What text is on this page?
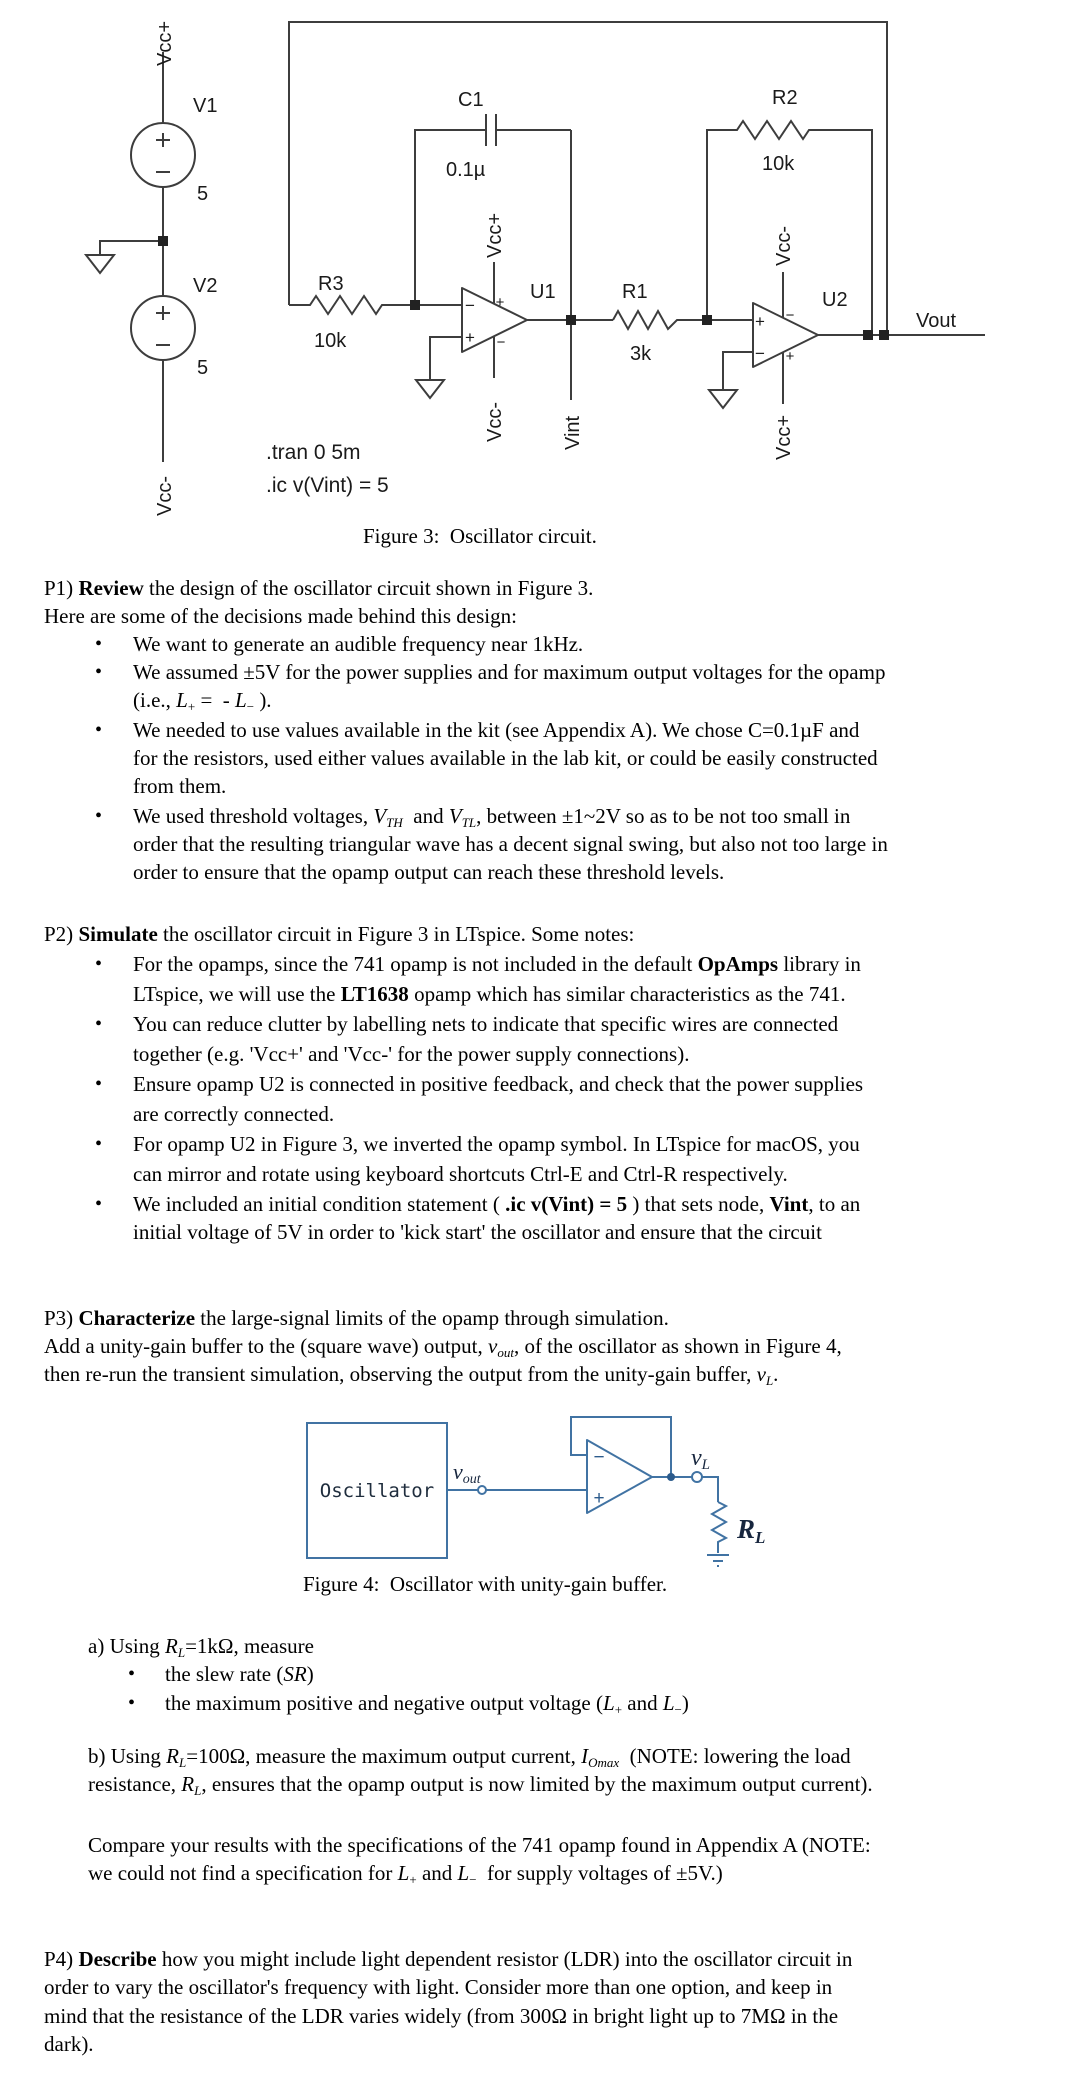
Vcc+
V1
5
V2
5
Vcc-
R3
10k
C1
0.1µ
Vcc+
U1
Vcc-	Vint
R1
3k
R2
10k
Vcc-
U2
Vcc+
Vout
.tran 0 5m
.ic v(Vint) = 5
−
+
+
−
+
−
−
+
−
+
Oscillator
vout
vL
RL
Figure 3:  Oscillator circuit.
P1) Review the design of the oscillator circuit shown in Figure 3.
Here are some of the decisions made behind this design:
• We want to generate an audible frequency near 1kHz.
• We assumed ±5V for the power supplies and for maximum output voltages for the opamp
(i.e., L+ =  - L− ).
• We needed to use values available in the kit (see Appendix A). We chose C=0.1µF and
for the resistors, used either values available in the lab kit, or could be easily constructed
from them.
• We used threshold voltages, VTH  and VTL, between ±1~2V so as to be not too small in
order that the resulting triangular wave has a decent signal swing, but also not too large in
order to ensure that the opamp output can reach these threshold levels.
P2) Simulate the oscillator circuit in Figure 3 in LTspice. Some notes:
• For the opamps, since the 741 opamp is not included in the default OpAmps library in
LTspice, we will use the LT1638 opamp which has similar characteristics as the 741.
• You can reduce clutter by labelling nets to indicate that specific wires are connected
together (e.g. 'Vcc+' and 'Vcc-' for the power supply connections).
• Ensure opamp U2 is connected in positive feedback, and check that the power supplies
are correctly connected.
• For opamp U2 in Figure 3, we inverted the opamp symbol. In LTspice for macOS, you
can mirror and rotate using keyboard shortcuts Ctrl-E and Ctrl-R respectively.
• We included an initial condition statement ( .ic v(Vint) = 5 ) that sets node, Vint, to an
initial voltage of 5V in order to 'kick start' the oscillator and ensure that the circuit
P3) Characterize the large-signal limits of the opamp through simulation.
Add a unity-gain buffer to the (square wave) output, vout, of the oscillator as shown in Figure 4,
then re-run the transient simulation, observing the output from the unity-gain buffer, vL.
Figure 4:  Oscillator with unity-gain buffer.
a) Using RL=1kΩ, measure
• the slew rate (SR)
• the maximum positive and negative output voltage (L+ and L−)
b) Using RL=100Ω, measure the maximum output current, IOmax  (NOTE: lowering the load
resistance, RL, ensures that the opamp output is now limited by the maximum output current).
Compare your results with the specifications of the 741 opamp found in Appendix A (NOTE:
we could not find a specification for L+ and L−  for supply voltages of ±5V.)
P4) Describe how you might include light dependent resistor (LDR) into the oscillator circuit in
order to vary the oscillator's frequency with light. Consider more than one option, and keep in
mind that the resistance of the LDR varies widely (from 300Ω in bright light up to 7MΩ in the
dark).
